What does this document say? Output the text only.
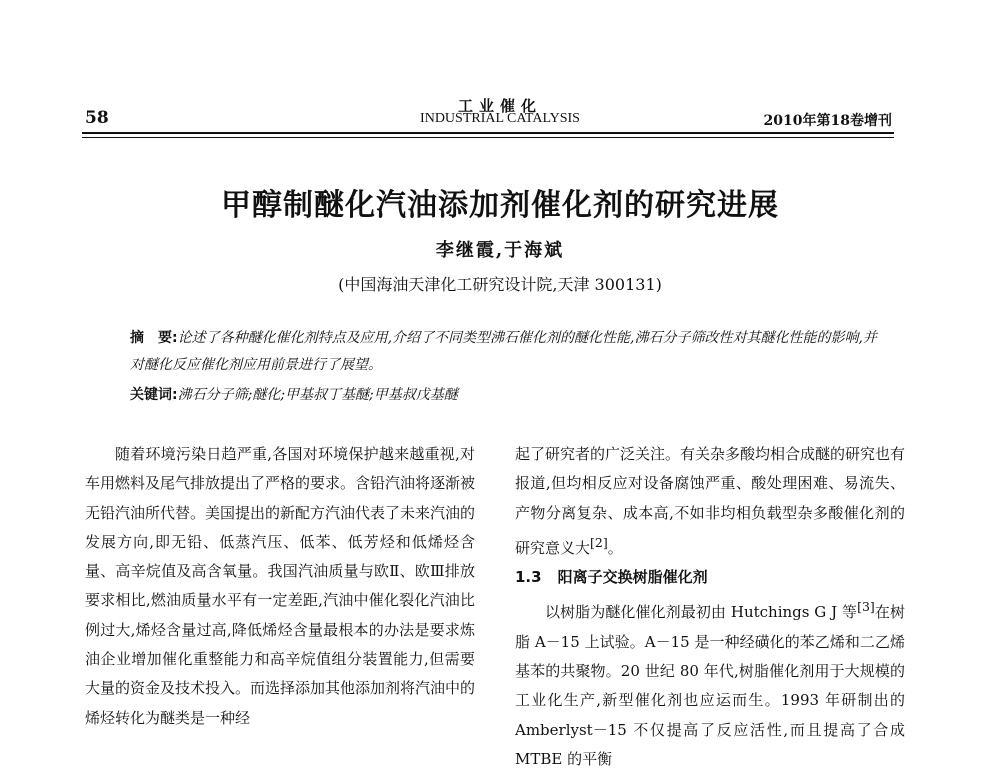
58
工业催化
INDUSTRIAL CATALYSIS	2010年第18卷增刊
甲醇制醚化汽油添加剂催化剂的研究进展
李继霞,于海斌
(中国海油天津化工研究设计院,天津 300131)
摘　要:论述了各种醚化催化剂特点及应用,介绍了不同类型沸石催化剂的醚化性能,沸石分子筛改性对其醚化性能的影响,并对醚化反应催化剂应用前景进行了展望。
关键词:沸石分子筛;醚化;甲基叔丁基醚;甲基叔戊基醚

随着环境污染日趋严重,各国对环境保护越来越重视,对车用燃料及尾气排放提出了严格的要求。含铅汽油将逐渐被无铅汽油所代替。美国提出的新配方汽油代表了未来汽油的发展方向,即无铅、低蒸汽压、低苯、低芳烃和低烯烃含量、高辛烷值及高含氧量。我国汽油质量与欧Ⅱ、欧Ⅲ排放要求相比,燃油质量水平有一定差距,汽油中催化裂化汽油比例过大,烯烃含量过高,降低烯烃含量最根本的办法是要求炼油企业增加催化重整能力和高辛烷值组分装置能力,但需要大量的资金及技术投入。而选择添加其他添加剂将汽油中的烯烃转化为醚类是一种经

起了研究者的广泛关注。有关杂多酸均相合成醚的研究也有报道,但均相反应对设备腐蚀严重、酸处理困难、易流失、产物分离复杂、成本高,不如非均相负载型杂多酸催化剂的研究意义大[2]。

1.3 阳离子交换树脂催化剂

以树脂为醚化催化剂最初由 Hutchings G J 等[3]在树脂 A－15 上试验。A－15 是一种经磺化的苯乙烯和二乙烯基苯的共聚物。20 世纪 80 年代,树脂催化剂用于大规模的工业化生产,新型催化剂也应运而生。1993 年研制出的 Amberlyst－15 不仅提高了反应活性,而且提高了合成 MTBE 的平衡
